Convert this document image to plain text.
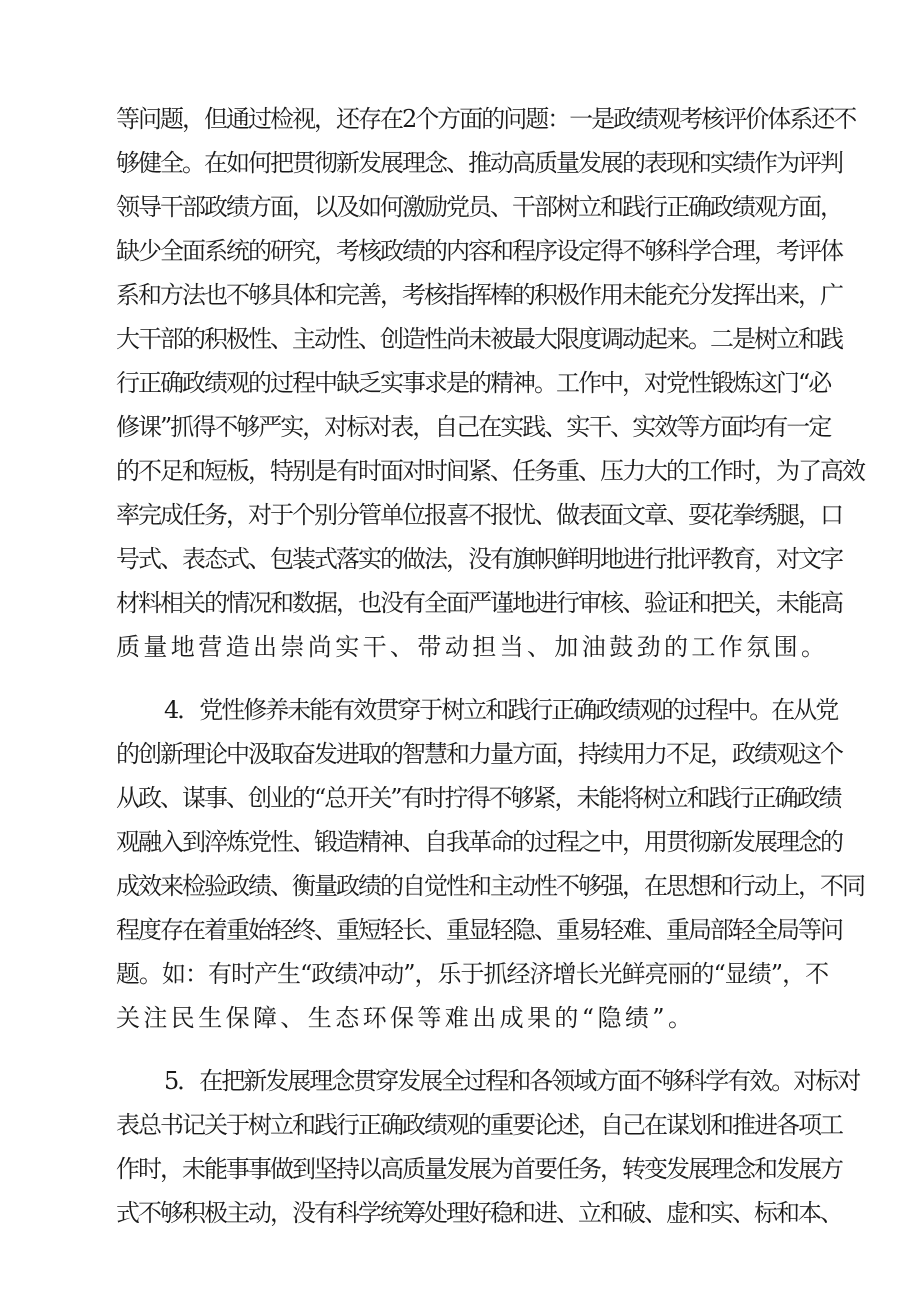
等问题，但通过检视，还存在2个方面的问题：一是政绩观考核评价体系还不
够健全。在如何把贯彻新发展理念、推动高质量发展的表现和实绩作为评判
领导干部政绩方面，以及如何激励党员、干部树立和践行正确政绩观方面，
缺少全面系统的研究，考核政绩的内容和程序设定得不够科学合理，考评体
系和方法也不够具体和完善，考核指挥棒的积极作用未能充分发挥出来，广
大干部的积极性、主动性、创造性尚未被最大限度调动起来。二是树立和践
行正确政绩观的过程中缺乏实事求是的精神。工作中，对党性锻炼这门“必
修课”抓得不够严实，对标对表，自己在实践、实干、实效等方面均有一定
的不足和短板，特别是有时面对时间紧、任务重、压力大的工作时，为了高效
率完成任务，对于个别分管单位报喜不报忧、做表面文章、耍花拳绣腿，口
号式、表态式、包装式落实的做法，没有旗帜鲜明地进行批评教育，对文字
材料相关的情况和数据，也没有全面严谨地进行审核、验证和把关，未能高
质量地营造出崇尚实干、带动担当、加油鼓劲的工作氛围。
4．党性修养未能有效贯穿于树立和践行正确政绩观的过程中。在从党
的创新理论中汲取奋发进取的智慧和力量方面，持续用力不足，政绩观这个
从政、谋事、创业的“总开关”有时拧得不够紧，未能将树立和践行正确政绩
观融入到淬炼党性、锻造精神、自我革命的过程之中，用贯彻新发展理念的
成效来检验政绩、衡量政绩的自觉性和主动性不够强，在思想和行动上，不同
程度存在着重始轻终、重短轻长、重显轻隐、重易轻难、重局部轻全局等问
题。如：有时产生“政绩冲动”，乐于抓经济增长光鲜亮丽的“显绩”，不
关注民生保障、生态环保等难出成果的“隐绩”。
5．在把新发展理念贯穿发展全过程和各领域方面不够科学有效。对标对
表总书记关于树立和践行正确政绩观的重要论述，自己在谋划和推进各项工
作时，未能事事做到坚持以高质量发展为首要任务，转变发展理念和发展方
式不够积极主动，没有科学统筹处理好稳和进、立和破、虚和实、标和本、
